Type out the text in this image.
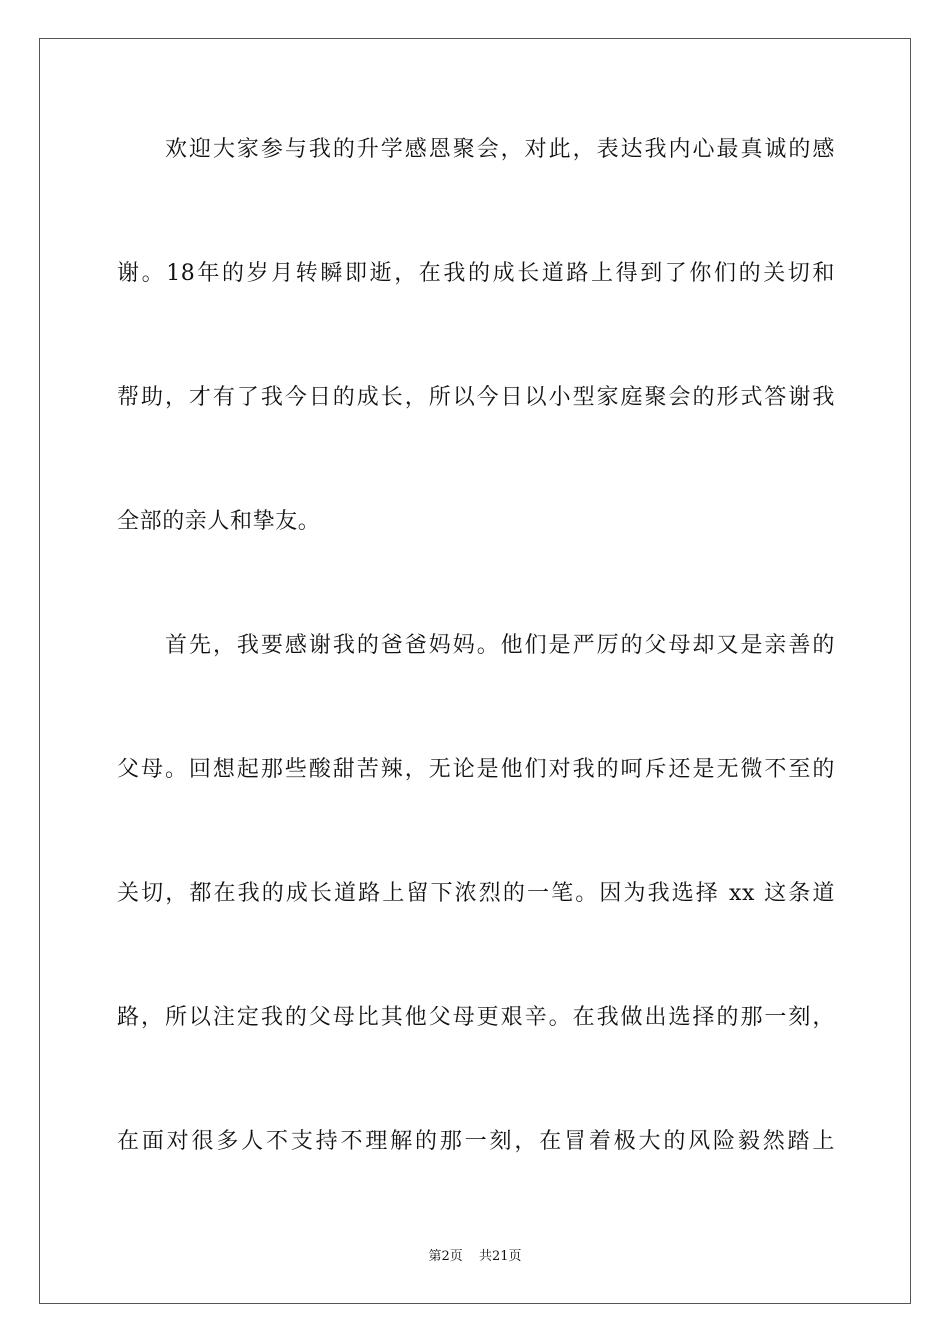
欢迎大家参与我的升学感恩聚会，对此，表达我内心最真诚的感
谢。18年的岁月转瞬即逝，在我的成长道路上得到了你们的关切和
帮助，才有了我今日的成长，所以今日以小型家庭聚会的形式答谢我
全部的亲人和挚友。
首先，我要感谢我的爸爸妈妈。他们是严厉的父母却又是亲善的
父母。回想起那些酸甜苦辣，无论是他们对我的呵斥还是无微不至的
关切，都在我的成长道路上留下浓烈的一笔。因为我选择 xx 这条道
路，所以注定我的父母比其他父母更艰辛。在我做出选择的那一刻，
在面对很多人不支持不理解的那一刻，在冒着极大的风险毅然踏上
第2页 共21页
